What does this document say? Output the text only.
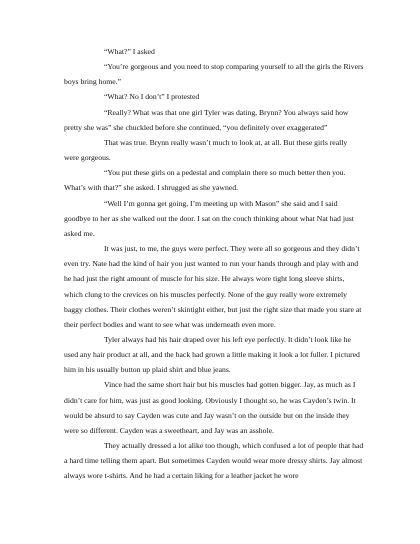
“What?” I asked

“You’re gorgeous and you need to stop comparing yourself to all the girls the Rivers boys bring home.”

“What? No I don’t” I protested

“Really? What was that one girl Tyler was dating, Brynn? You always said how pretty she was” she chuckled before she continued, “you definitely over exaggerated”

That was true. Brynn really wasn’t much to look at, at all. But these girls really were gorgeous.

“You put these girls on a pedestal and complain there so much better then you. What’s with that?” she asked. I shrugged as she yawned.

“Well I’m gonna get going, I’m meeting up with Mason” she said and I said goodbye to her as she walked out the door. I sat on the couch thinking about what Nat had just asked me.

It was just, to me, the guys were perfect. They were all so gorgeous and they didn’t even try. Nate had the kind of hair you just wanted to run your hands through and play with and he had just the right amount of muscle for his size. He always wore tight long sleeve shirts, which clung to the crevices on his muscles perfectly. None of the guy really wore extremely baggy clothes. Their clothes weren’t skintight either, but just the right size that made you stare at their perfect bodies and want to see what was underneath even more.

Tyler always had his hair draped over his left eye perfectly. It didn’t look like he used any hair product at all, and the back had grown a little making it look a lot fuller. I pictured him in his usually button up plaid shirt and blue jeans.

Vince had the same short hair but his muscles had gotten bigger. Jay, as much as I didn’t care for him, was just as good looking. Obviously I thought so, he was Cayden’s twin. It would be absurd to say Cayden was cute and Jay wasn’t on the outside but on the inside they were so different. Cayden was a sweetheart, and Jay was an asshole.

They actually dressed a lot alike too though, which confused a lot of people that had a hard time telling them apart. But sometimes Cayden would wear more dressy shirts. Jay almost always wore t-shirts. And he had a certain liking for a leather jacket he wore
